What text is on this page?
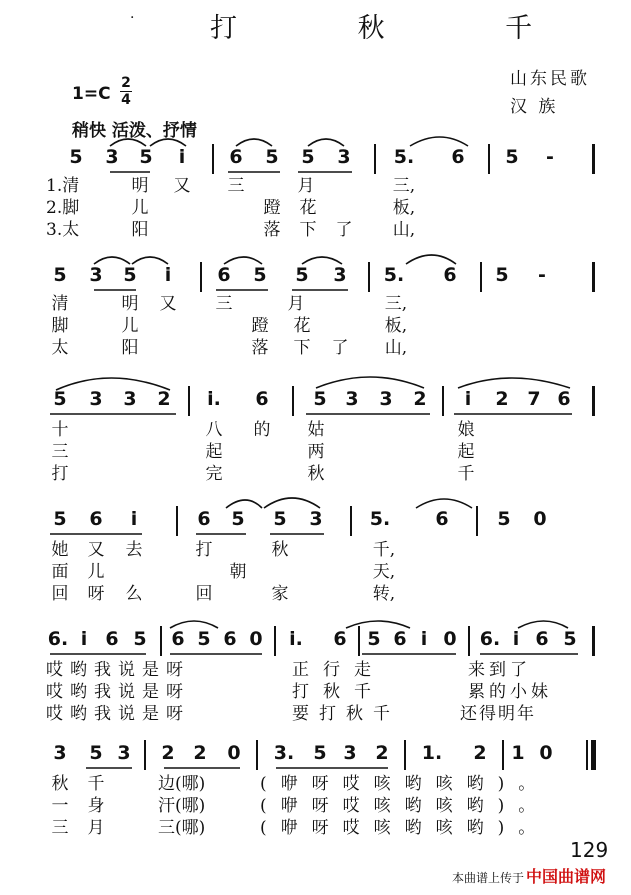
·	打 秋 千
山东民歌
汉 族
1=C
2
4
稍快 活泼、抒情
5 3 5 i 6 5 5 3 5. 6 5 -
1.清	明 又 三	月	三,
2.脚	儿	蹬 花	板,
3.太	阳	落 下 了 山,
5 3 5 i 6 5 5 3 5. 6 5 -
清	明 又 三	月	三,
脚	儿	蹬 花	板,
太	阳	落 下 了 山,
5 3 3 2 i. 6 5 3 3 2 i 2 7 6
十	八 的 姑	娘
三	起	两	起
打	完	秋	千
5 6 i	6 5 5 3 5. 6	5 0
她 又 去	打	秋	千,
面 儿	朝	天,
回 呀 么	回	家	转,
6. i 6 5 6 5 6 0 i. 6 5 6 i 0 6. i 6 5
哎哟我说是呀	正行走	来到了
哎哟我说是呀	打秋千	累的小妹
哎哟我说是呀	要打秋千	还得明年
3 5 3 2 2 0 3. 5 3 2 1. 2 1 0
秋 千	边(哪)	(咿呀哎咳哟咳哟)。
一 身	汗(哪)	(咿呀哎咳哟咳哟)。
三 月	三(哪)	(咿呀哎咳哟咳哟)。
129
本曲谱上传于 中国曲谱网
